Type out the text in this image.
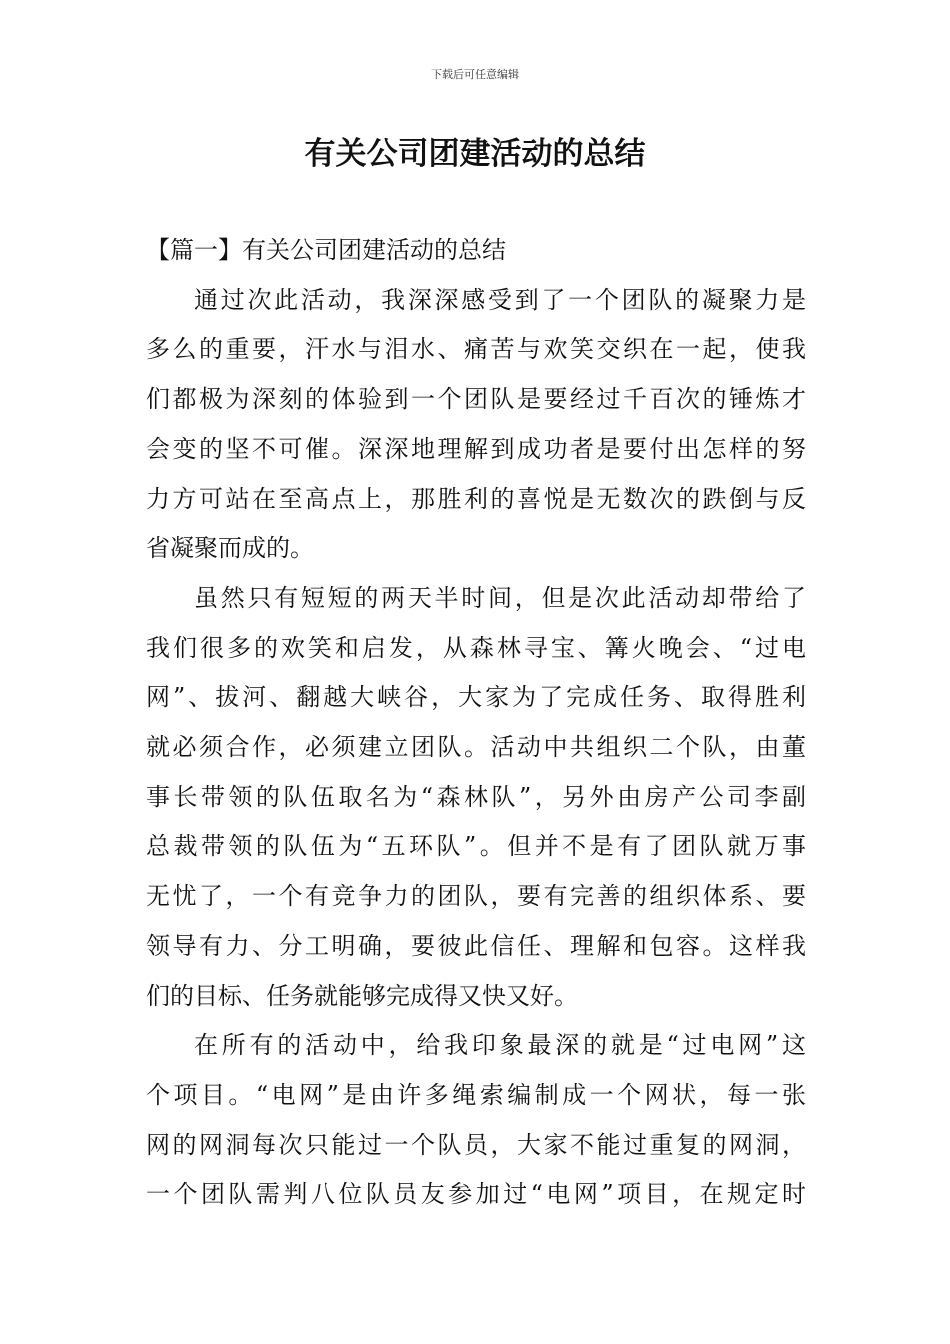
下载后可任意编辑
有关公司团建活动的总结

【篇一】有关公司团建活动的总结

通过次此活动，我深深感受到了一个团队的凝聚力是
多么的重要，汗水与泪水、痛苦与欢笑交织在一起，使我
们都极为深刻的体验到一个团队是要经过千百次的锤炼才
会变的坚不可催。深深地理解到成功者是要付出怎样的努
力方可站在至高点上，那胜利的喜悦是无数次的跌倒与反
省凝聚而成的。
虽然只有短短的两天半时间，但是次此活动却带给了
我们很多的欢笑和启发，从森林寻宝、篝火晚会、“过电
网”、拔河、翻越大峡谷，大家为了完成任务、取得胜利
就必须合作，必须建立团队。活动中共组织二个队，由董
事长带领的队伍取名为“森林队”，另外由房产公司李副
总裁带领的队伍为“五环队”。但并不是有了团队就万事
无忧了，一个有竞争力的团队，要有完善的组织体系、要
领导有力、分工明确，要彼此信任、理解和包容。这样我
们的目标、任务就能够完成得又快又好。
在所有的活动中，给我印象最深的就是“过电网”这
个项目。“电网”是由许多绳索编制成一个网状，每一张
网的网洞每次只能过一个队员，大家不能过重复的网洞，
一个团队需判八位队员友参加过“电网”项目，在规定时
